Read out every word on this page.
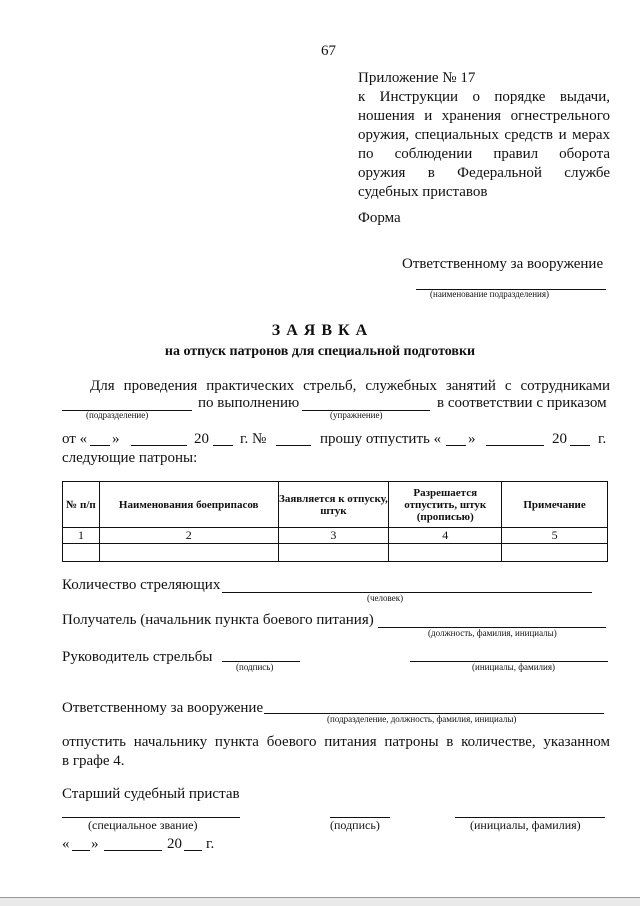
67
Приложение № 17
к Инструкции о порядке выдачи,
ношения и хранения огнестрельного
оружия, специальных средств и мерах
по соблюдении правил оборота
оружия в Федеральной службе
судебных приставов
Форма
Ответственному за вооружение
(наименование подразделения)
З А Я В К А
на отпуск патронов для специальной подготовки
Для проведения практических стрельб, служебных занятий с сотрудниками
(подразделение)
по выполнению
(упражнение)
в соответствии с приказом
от « »	20 г. №	прошу отпустить « »	20 г.
следующие патроны:
№ п/п	Наименования боеприпасов	Заявляется к отпуску, штук	Разрешается отпустить, штук (прописью)	Примечание
1	2	3	4	5

Количество стреляющих
(человек)
Получатель (начальник пункта боевого питания)
(должность, фамилия, инициалы)
Руководитель стрельбы
(подпись)	(инициалы, фамилия)
Ответственному за вооружение
(подразделение, должность, фамилия, инициалы)
отпустить начальнику пункта боевого питания патроны в количестве, указанном
в графе 4.
Старший судебный пристав
(специальное звание)	(подпись)	(инициалы, фамилия)
« »	20 г.
